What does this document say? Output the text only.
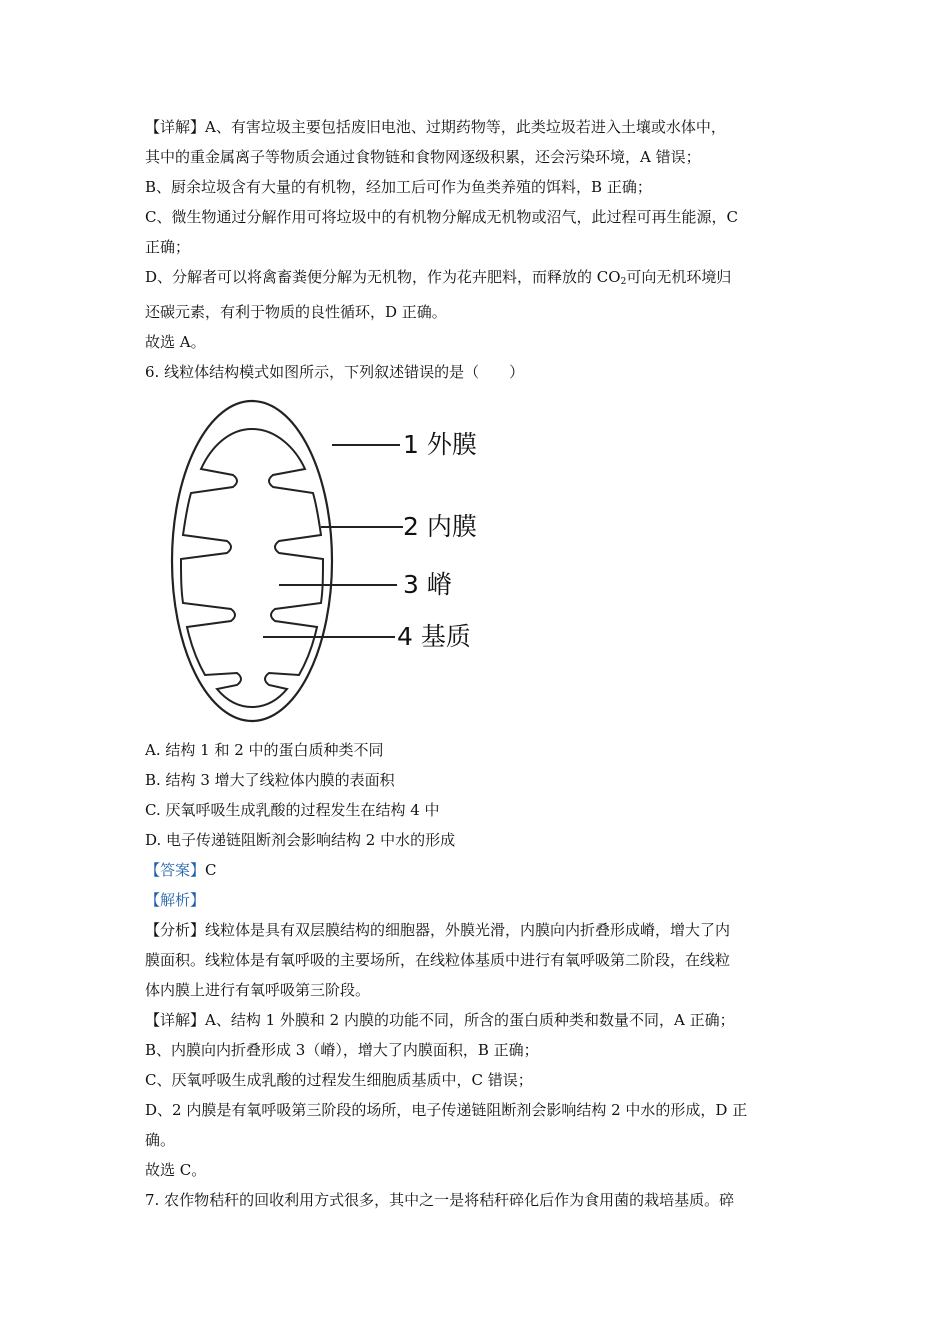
【详解】A、有害垃圾主要包括废旧电池、过期药物等，此类垃圾若进入土壤或水体中，
其中的重金属离子等物质会通过食物链和食物网逐级积累，还会污染环境，A 错误；
B、厨余垃圾含有大量的有机物，经加工后可作为鱼类养殖的饵料，B 正确；
C、微生物通过分解作用可将垃圾中的有机物分解成无机物或沼气，此过程可再生能源，C
正确；
D、分解者可以将禽畜粪便分解为无机物，作为花卉肥料，而释放的 $CO_2$可向无机环境归
还碳元素，有利于物质的良性循环，D 正确。
故选 A。
6. 线粒体结构模式如图所示，下列叙述错误的是（　　）
1 外膜
2 内膜
3 嵴
4 基质
A. 结构 1 和 2 中的蛋白质种类不同
B. 结构 3 增大了线粒体内膜的表面积
C. 厌氧呼吸生成乳酸的过程发生在结构 4 中
D. 电子传递链阻断剂会影响结构 2 中水的形成
【答案】C
【解析】
【分析】线粒体是具有双层膜结构的细胞器，外膜光滑，内膜向内折叠形成嵴，增大了内
膜面积。线粒体是有氧呼吸的主要场所，在线粒体基质中进行有氧呼吸第二阶段，在线粒
体内膜上进行有氧呼吸第三阶段。
【详解】A、结构 1 外膜和 2 内膜的功能不同，所含的蛋白质种类和数量不同，A 正确；
B、内膜向内折叠形成 3（嵴），增大了内膜面积，B 正确；
C、厌氧呼吸生成乳酸的过程发生细胞质基质中，C 错误；
D、2 内膜是有氧呼吸第三阶段的场所，电子传递链阻断剂会影响结构 2 中水的形成，D 正
确。
故选 C。
7. 农作物秸秆的回收利用方式很多，其中之一是将秸秆碎化后作为食用菌的栽培基质。碎
